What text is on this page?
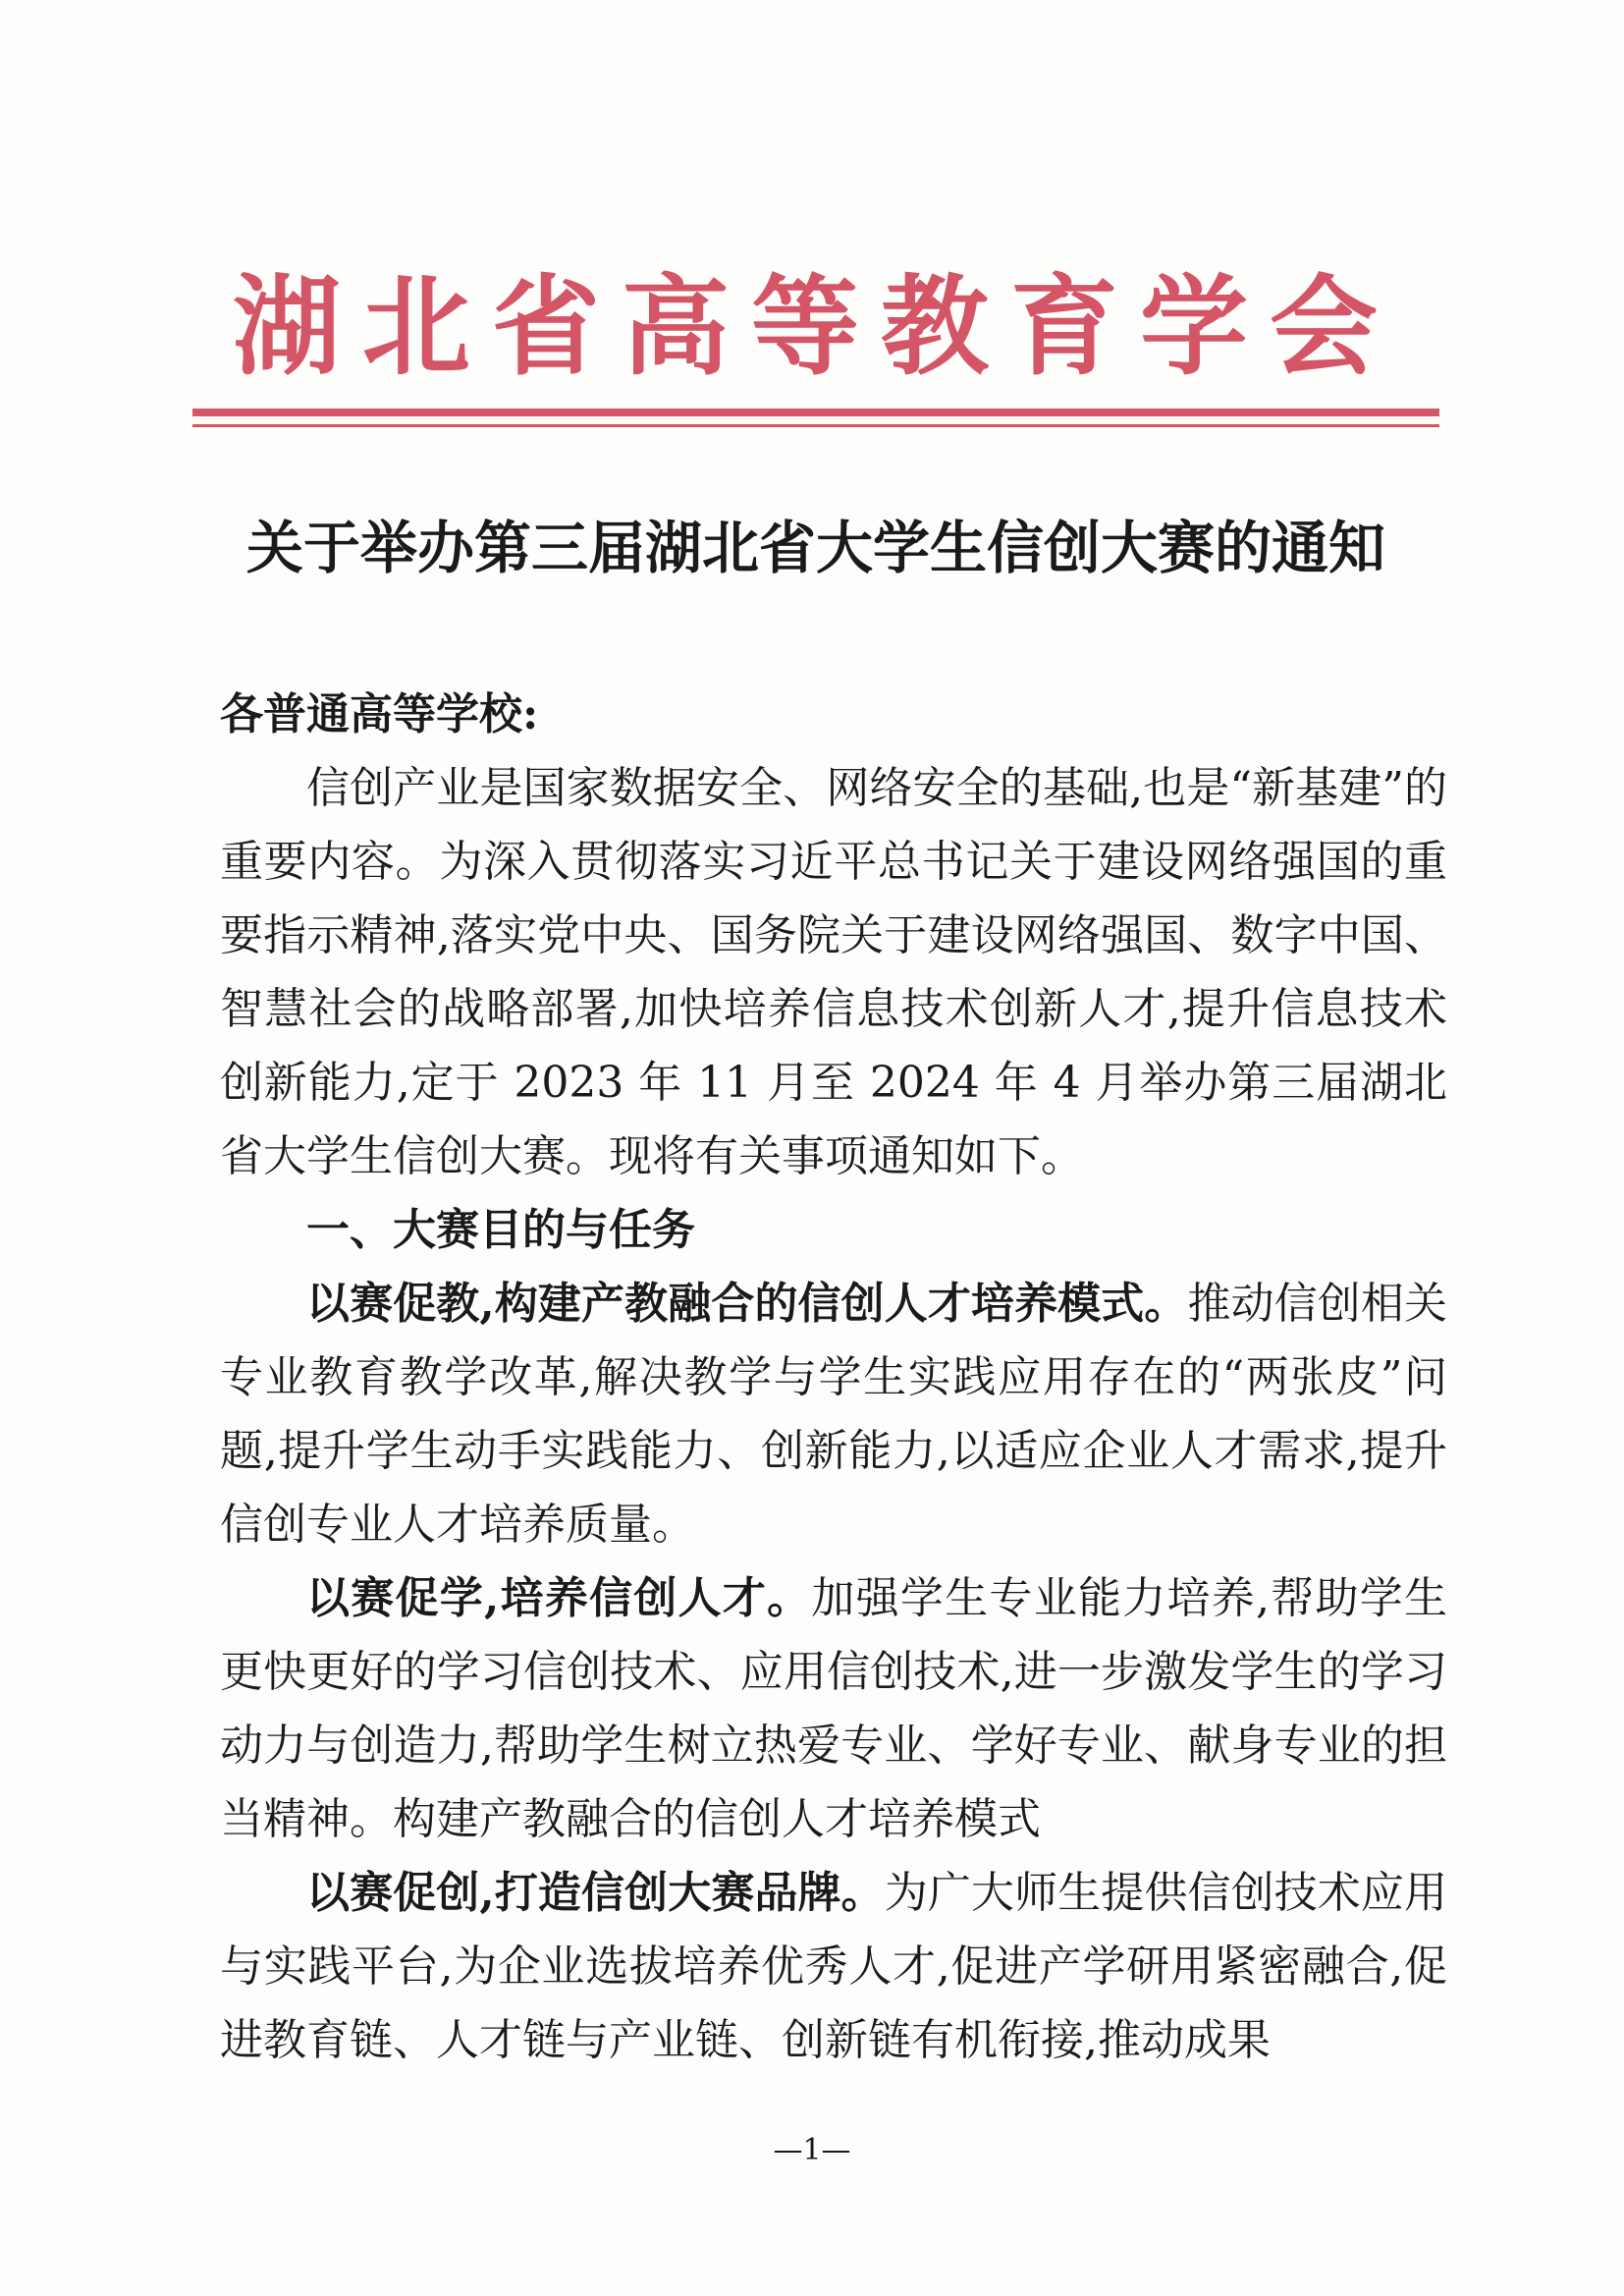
湖北省高等教育学会
关于举办第三届湖北省大学生信创大赛的通知

各普通高等学校:

信创产业是国家数据安全、网络安全的基础,也是“新基建”的重要内容。为深入贯彻落实习近平总书记关于建设网络强国的重要指示精神,落实党中央、国务院关于建设网络强国、数字中国、智慧社会的战略部署,加快培养信息技术创新人才,提升信息技术创新能力,定于 2023 年 11 月至 2024 年 4 月举办第三届湖北省大学生信创大赛。现将有关事项通知如下。

一、大赛目的与任务

以赛促教,构建产教融合的信创人才培养模式。推动信创相关专业教育教学改革,解决教学与学生实践应用存在的“两张皮”问题,提升学生动手实践能力、创新能力,以适应企业人才需求,提升信创专业人才培养质量。

以赛促学,培养信创人才。加强学生专业能力培养,帮助学生更快更好的学习信创技术、应用信创技术,进一步激发学生的学习动力与创造力,帮助学生树立热爱专业、学好专业、献身专业的担当精神。构建产教融合的信创人才培养模式

以赛促创,打造信创大赛品牌。为广大师生提供信创技术应用与实践平台,为企业选拔培养优秀人才,促进产学研用紧密融合,促进教育链、人才链与产业链、创新链有机衔接,推动成果

—1—
